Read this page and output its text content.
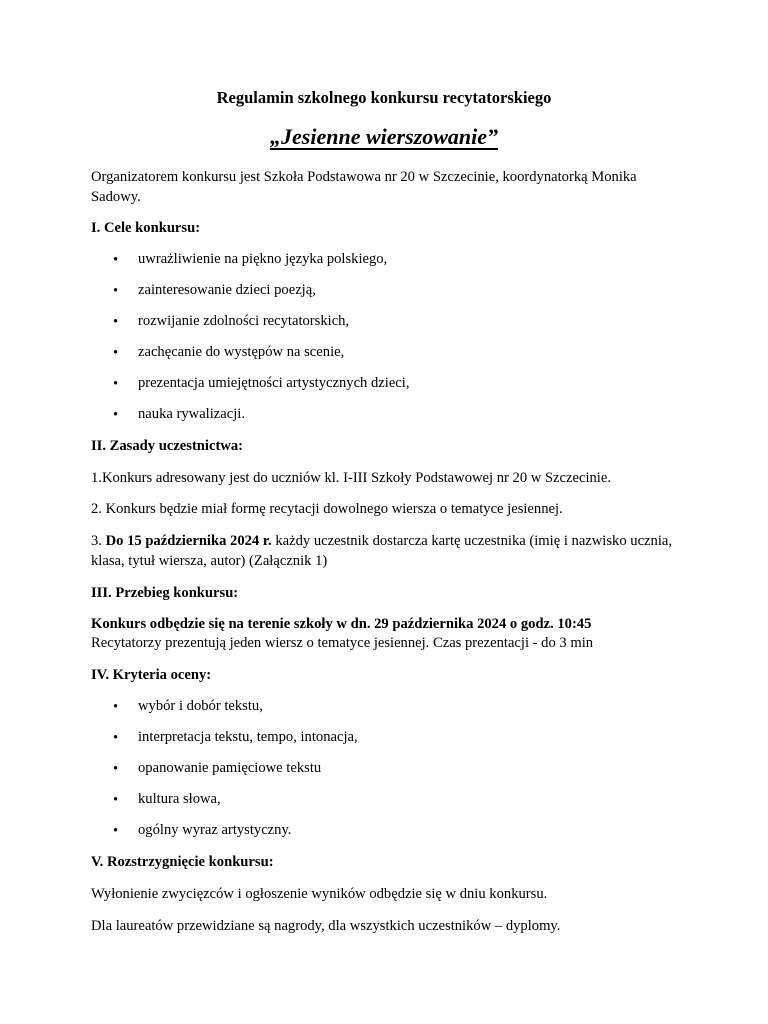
Regulamin szkolnego konkursu recytatorskiego
„Jesienne wierszowanie”
Organizatorem konkursu jest Szkoła Podstawowa nr 20 w Szczecinie, koordynatorką Monika Sadowy.
I. Cele konkursu:
• uwrażliwienie na piękno języka polskiego,
• zainteresowanie dzieci poezją,
• rozwijanie zdolności recytatorskich,
• zachęcanie do występów na scenie,
• prezentacja umiejętności artystycznych dzieci,
• nauka rywalizacji.
II. Zasady uczestnictwa:
1.Konkurs adresowany jest do uczniów kl. I-III Szkoły Podstawowej nr 20 w Szczecinie.
2. Konkurs będzie miał formę recytacji dowolnego wiersza o tematyce jesiennej.
3. Do 15 października 2024 r. każdy uczestnik dostarcza kartę uczestnika (imię i nazwisko ucznia, klasa, tytuł wiersza, autor) (Załącznik 1)
III. Przebieg konkursu:
Konkurs odbędzie się na terenie szkoły w dn. 29 października 2024 o godz. 10:45
Recytatorzy prezentują jeden wiersz o tematyce jesiennej. Czas prezentacji - do 3 min
IV. Kryteria oceny:
• wybór i dobór tekstu,
• interpretacja tekstu, tempo, intonacja,
• opanowanie pamięciowe tekstu
• kultura słowa,
• ogólny wyraz artystyczny.
V. Rozstrzygnięcie konkursu:
Wyłonienie zwycięzców i ogłoszenie wyników odbędzie się w dniu konkursu.
Dla laureatów przewidziane są nagrody, dla wszystkich uczestników – dyplomy.
